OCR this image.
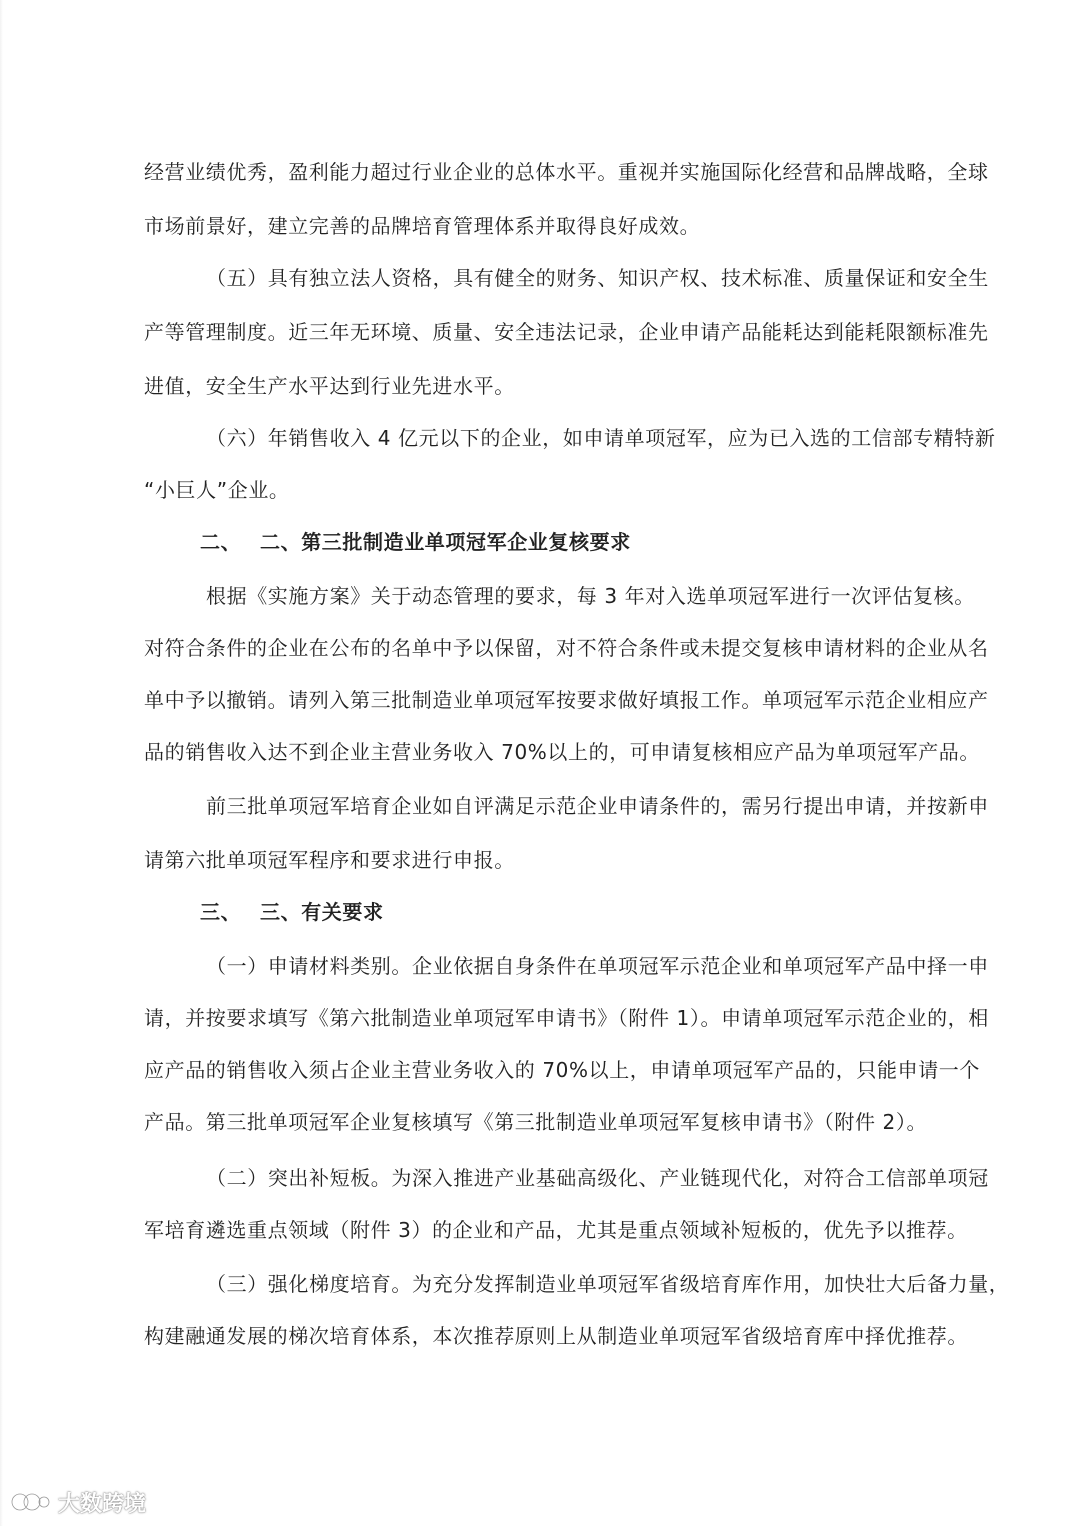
经营业绩优秀，盈利能力超过行业企业的总体水平。重视并实施国际化经营和品牌战略，全球
市场前景好，建立完善的品牌培育管理体系并取得良好成效。
（五）具有独立法人资格，具有健全的财务、知识产权、技术标准、质量保证和安全生
产等管理制度。近三年无环境、质量、安全违法记录，企业申请产品能耗达到能耗限额标准先
进值，安全生产水平达到行业先进水平。
（六）年销售收入 4 亿元以下的企业，如申请单项冠军，应为已入选的工信部专精特新
“小巨人”企业。
二、 二、第三批制造业单项冠军企业复核要求
根据《实施方案》关于动态管理的要求，每 3 年对入选单项冠军进行一次评估复核。
对符合条件的企业在公布的名单中予以保留，对不符合条件或未提交复核申请材料的企业从名
单中予以撤销。请列入第三批制造业单项冠军按要求做好填报工作。单项冠军示范企业相应产
品的销售收入达不到企业主营业务收入 70%以上的，可申请复核相应产品为单项冠军产品。
前三批单项冠军培育企业如自评满足示范企业申请条件的，需另行提出申请，并按新申
请第六批单项冠军程序和要求进行申报。
三、 三、有关要求
（一）申请材料类别。企业依据自身条件在单项冠军示范企业和单项冠军产品中择一申
请，并按要求填写《第六批制造业单项冠军申请书》（附件 1）。申请单项冠军示范企业的，相
应产品的销售收入须占企业主营业务收入的 70%以上，申请单项冠军产品的，只能申请一个
产品。第三批单项冠军企业复核填写《第三批制造业单项冠军复核申请书》（附件 2）。
（二）突出补短板。为深入推进产业基础高级化、产业链现代化，对符合工信部单项冠
军培育遴选重点领域（附件 3）的企业和产品，尤其是重点领域补短板的，优先予以推荐。
（三）强化梯度培育。为充分发挥制造业单项冠军省级培育库作用，加快壮大后备力量，
构建融通发展的梯次培育体系，本次推荐原则上从制造业单项冠军省级培育库中择优推荐。
大数跨境
